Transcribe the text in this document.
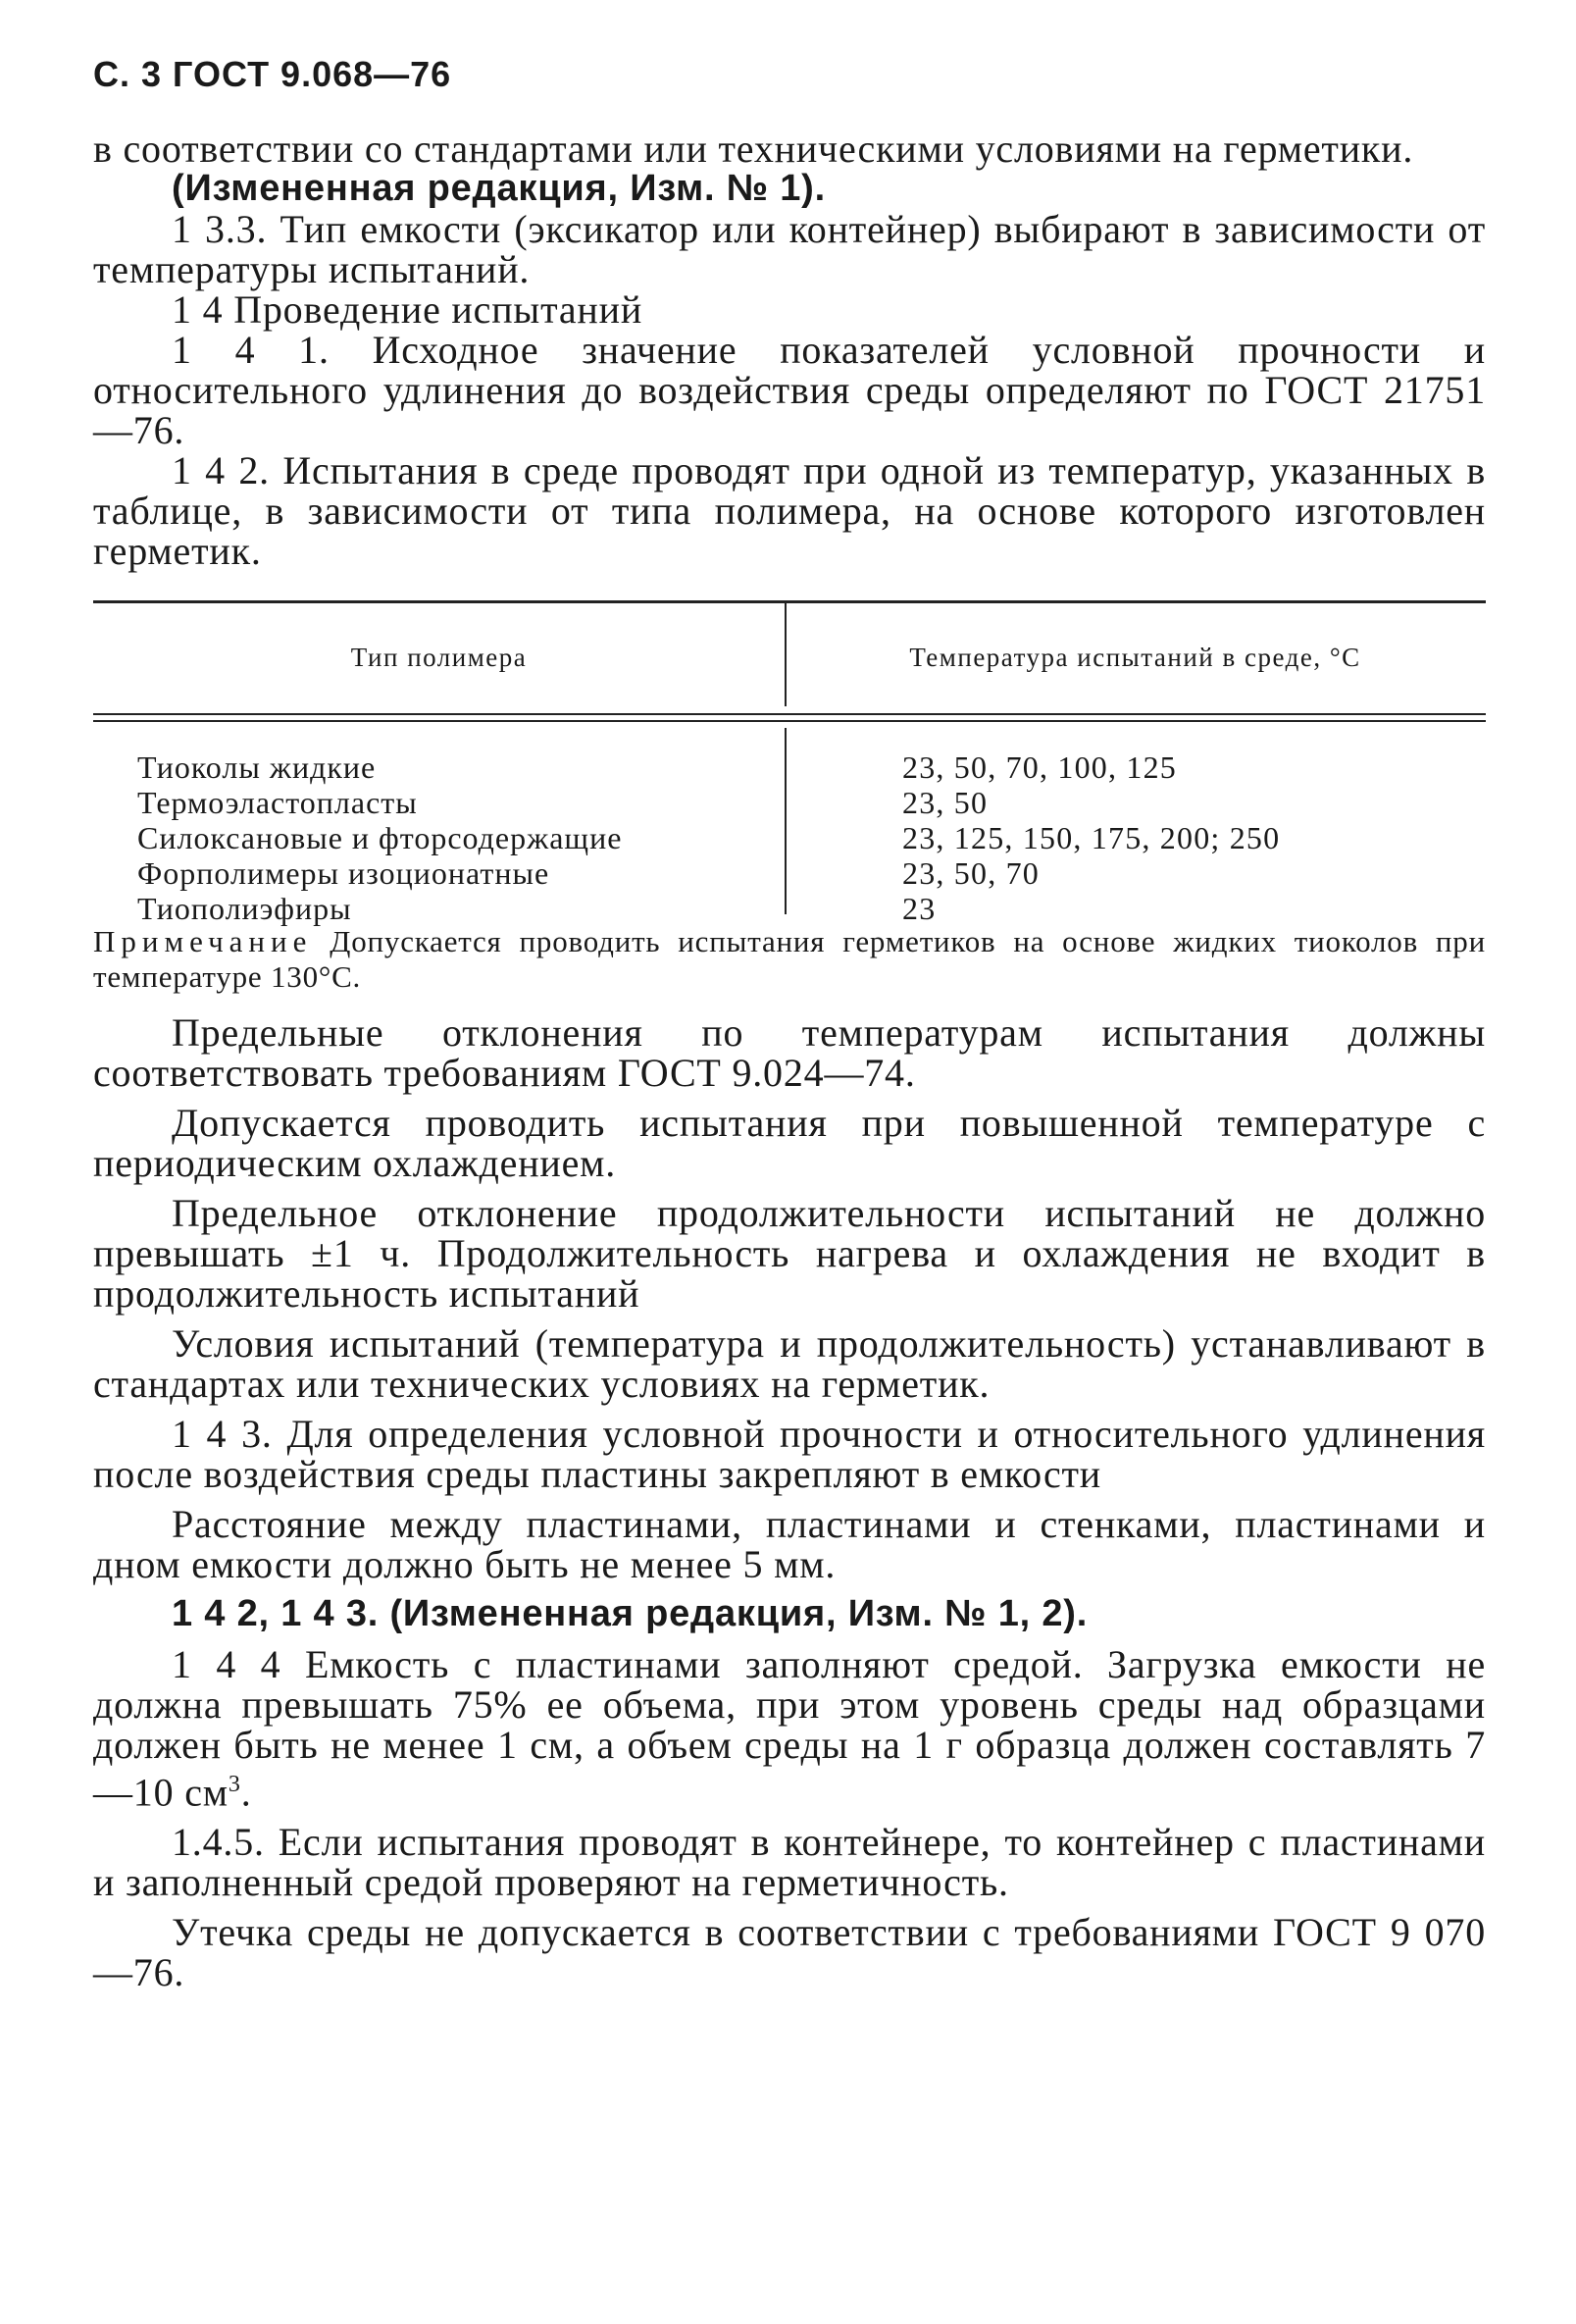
С. 3 ГОСТ 9.068—76

в соответствии со стандартами или техническими условиями на герметики.

(Измененная редакция, Изм. № 1).

1 3.3. Тип емкости (эксикатор или контейнер) выбирают в зависимости от температуры испытаний.

1 4 Проведение испытаний

1 4 1. Исходное значение показателей условной прочности и относительного удлинения до воздействия среды определяют по ГОСТ 21751—76.

1 4 2. Испытания в среде проводят при одной из температур, указанных в таблице, в зависимости от типа полимера, на основе которого изготовлен герметик.

Тип полимера	Температура испытаний в среде, °С
Тиоколы жидкие
Термоэластопласты
Силоксановые и фторсодержащие
Форполимеры изоционатные
Тиополиэфиры
23, 50, 70, 100, 125
23, 50
23, 125, 150, 175, 200; 250
23, 50, 70
23

Примечание Допускается проводить испытания герметиков на основе жидких тиоколов при температуре 130°С.

Предельные отклонения по температурам испытания должны соответствовать требованиям ГОСТ 9.024—74.

Допускается проводить испытания при повышенной температуре с периодическим охлаждением.

Предельное отклонение продолжительности испытаний не должно превышать ±1 ч. Продолжительность нагрева и охлаждения не входит в продолжительность испытаний

Условия испытаний (температура и продолжительность) устанавливают в стандартах или технических условиях на герметик.

1 4 3. Для определения условной прочности и относительного удлинения после воздействия среды пластины закрепляют в емкости

Расстояние между пластинами, пластинами и стенками, пластинами и дном емкости должно быть не менее 5 мм.

1 4 2, 1 4 3. (Измененная редакция, Изм. № 1, 2).

1 4 4 Емкость с пластинами заполняют средой. Загрузка емкости не должна превышать 75% ее объема, при этом уровень среды над образцами должен быть не менее 1 см, а объем среды на 1 г образца должен составлять 7—10 $см^3$.

1.4.5. Если испытания проводят в контейнере, то контейнер с пластинами и заполненный средой проверяют на герметичность.

Утечка среды не допускается в соответствии с требованиями ГОСТ 9 070—76.
